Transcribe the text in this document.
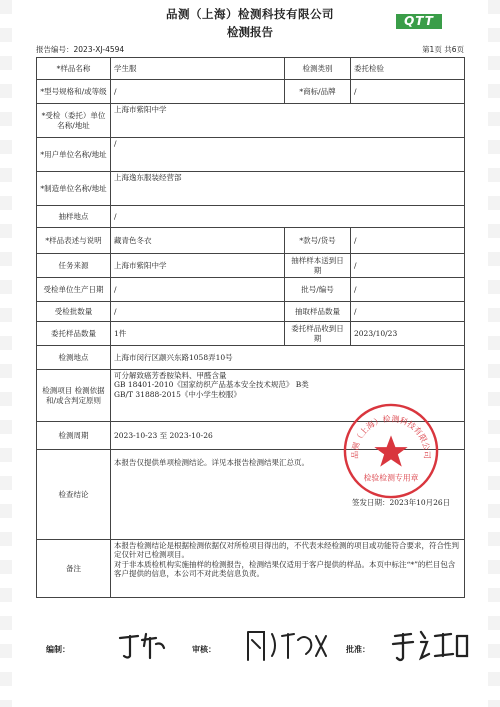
品测（上海）检测科技有限公司
检测报告
QTT
报告编号：2023-XJ-4594	第1页 共6页
*样品名称	学生服	检测类别	委托检验
*型号规格和/或等级	/	*商标/品牌	/
*受检（委托）单位名称/地址	上海市紫阳中学		
*用户单位名称/地址	/		
*制造单位名称/地址	上海逸东服装经营部		
抽样地点	/		
*样品表述与说明	藏青色冬衣	*款号/货号	/
任务来源	上海市紫阳中学	抽样样本送到日期	/
受检单位生产日期	/	批号/编号	/
受检批数量	/	抽取样品数量	/
委托样品数量	1件	委托样品收到日期	2023/10/23
检测地点	上海市闵行区颛兴东路1058弄10号		
检测项目 检测依据和/或含判定原则	可分解致癌芳香胺染料、甲醛含量
GB 18401-2010《国家纺织产品基本安全技术规范》 B类
GB/T 31888-2015《中小学生校服》		

检测周期	2023-10-23 至 2023-10-26		
检查结论	本报告仅提供单项检测结论。详见本报告检测结果汇总页。		
备注	本报告检测结论是根据检测依据仅对所检项目得出的，不代表未经检测的项目或功能符合要求，符合性判定仅针对已检测项目。
对于非本质检机构实施抽样的检测报告，检测结果仅适用于客户提供的样品。本页中标注“*”的栏目包含客户提供的信息，本公司不对此类信息负责。		
品测（上海）检测科技有限公司
检验检测专用章
签发日期：2023年10月26日
编制：	审核：	批准：
